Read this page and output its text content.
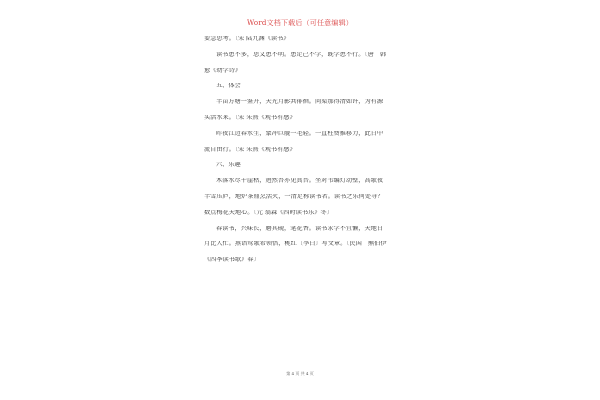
Word文档下载后（可任意编辑）
要急思考。〔宋 陆九渊《读书》
读书患不多，思义患不明。患足己不学，既学患不行。〔唐　韩
愈《幼学诗》
五、体会
半亩方塘一鉴开，天光月影共徘徊。问渠那得清如许，为有源
头活水来。〔宋 朱熹《观书有感》
昨夜江边春水生，蒙冲巨舰一毛轻。一直枉费推移力，此日中
流自由行。〔宋 朱熹《观书有感》
六、乐趣
木落水尽千崖枯，迥然吾亦见真吾。坐对韦编灯动壁，高歌夜
半雪压庐，地炉茶鼎烹活火，一清足称读书者。读书之乐何处寻？
数点梅花天地心。〔元 翁森《四时读书乐》冬〕
春读书，兴味长，磨其砚，笔花香。读书求学不宜懒，天地日
月比人忙。燕语莺歌希领悟，桃红〔李白〕写文章。〔民国　熊伯伊
《四季读书歌》春〕
第 4 页 共 4 页
